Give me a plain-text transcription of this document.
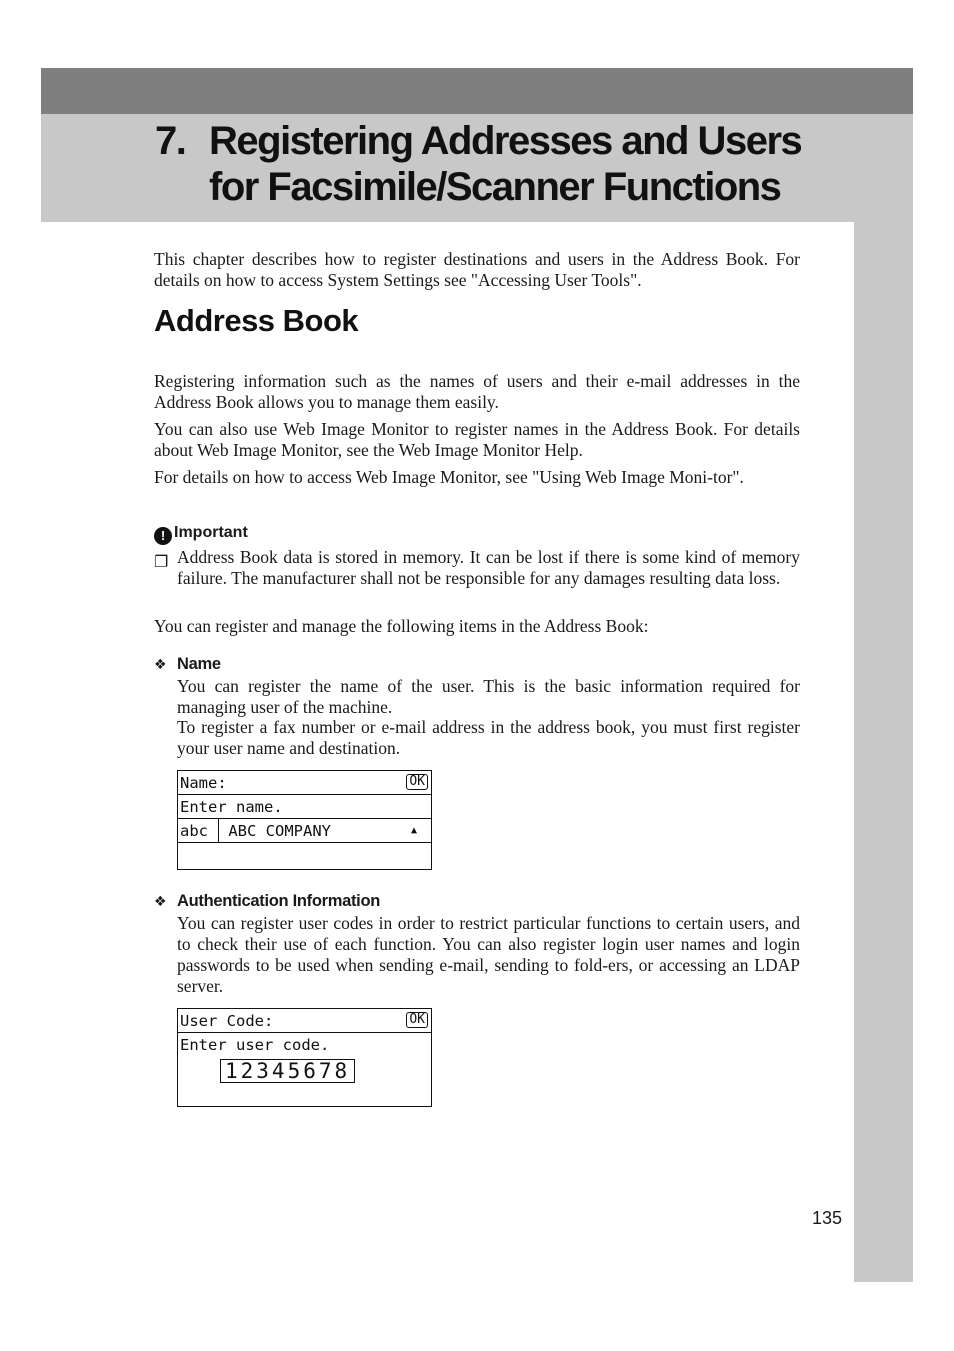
7. Registering Addresses and Users
for Facsimile/Scanner Functions

This chapter describes how to register destinations and users in the Address Book. For details on how to access System Settings see "Accessing User Tools".

Address Book

Registering information such as the names of users and their e-mail addresses in the Address Book allows you to manage them easily.

You can also use Web Image Monitor to register names in the Address Book. For details about Web Image Monitor, see the Web Image Monitor Help.

For details on how to access Web Image Monitor, see "Using Web Image Moni-tor".

! Important
❐ Address Book data is stored in memory. It can be lost if there is some kind of memory failure. The manufacturer shall not be responsible for any damages resulting data loss.

You can register and manage the following items in the Address Book:

❖ Name

You can register the name of the user. This is the basic information required for managing user of the machine.

To register a fax number or e-mail address in the address book, you must first register your user name and destination.

Name:	OK
Enter name.
abc ABC COMPANY	▲
❖ Authentication Information

You can register user codes in order to restrict particular functions to certain users, and to check their use of each function. You can also register login user names and login passwords to be used when sending e-mail, sending to fold-ers, or accessing an LDAP server.

User Code:	OK
Enter user code.
12345678
135
